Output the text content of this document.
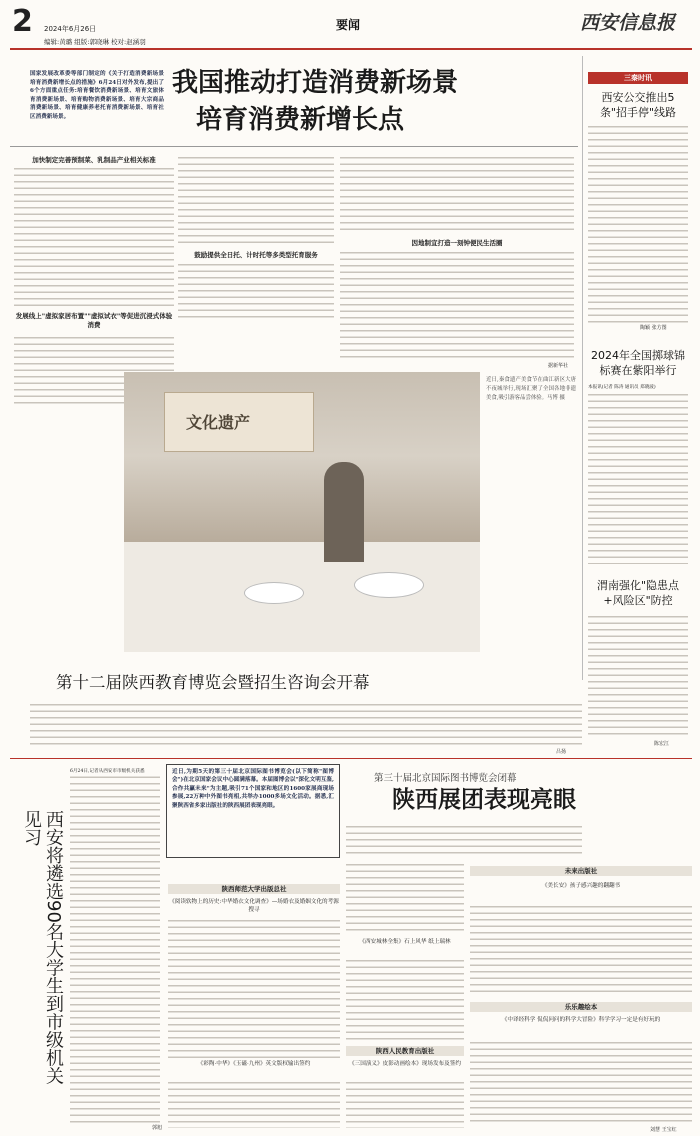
2 2024年6月26日	要闻	西安信息报
编辑:黄璐 组版:郭晓琳 校对:赵涵羽
国家发展改革委等部门制定的《关于打造消费新场景培育消费新增长点的措施》6月24日对外发布,提出了6个方面重点任务:培育餐饮消费新场景、培育文旅体育消费新场景、培育购物消费新场景、培育大宗商品消费新场景、培育健康养老托育消费新场景、培育社区消费新场景。
我国推动打造消费新场景
培育消费新增长点
加快制定完善预制菜、乳制品产业相关标准
发展线上"虚拟家居布置""虚拟试衣"等促进沉浸式体验消费
鼓励提供全日托、计时托等多类型托育服务
因地制宜打造一刻钟便民生活圈
据新华社
文化遗产
近日,秦食遗产美食节在曲江新区大唐不夜城举行,现场汇聚了全国各地非遗美食,吸引游客品尝体验。马博 摄
三秦时讯
西安公交推出5条"招手停"线路
陶颖 张方图
2024年全国掷球锦标赛在紫阳举行
本报讯(记者 陈涛 通讯员 郑晓波)
渭南强化"隐患点+风险区"防控
陈宏江
第十二届陕西教育博览会暨招生咨询会开幕
吕扬
西安将遴选90名大学生到市级机关见习
6月24日,记者从西安市市级机关获悉
郭旭
近日,为期5天的第三十届北京国际图书博览会(以下简称"图博会")在北京国家会议中心圆满落幕。本届图博会以"深化文明互鉴,合作共赢未来"为主题,吸引71个国家和地区的1600家展商现场参展,22万种中外图书亮相,共举办1000多场文化活动。据悉,汇聚陕西省多家出版社的陕西展团表现亮眼。
第三十届北京国际图书博览会闭幕
陕西展团表现亮眼
陕西师范大学出版总社
《阅读软物上的历史:中华婚衣文化调查》—场婚衣及婚姻文化的考源搜寻
《彩陶·中华》《玉磁·九州》英文版权输出签约
《西安城林全集》石上风华 纸上瑞林
陕西人民教育出版社
《三国演义》皮影动画绘本》现场发布及签约
未来出版社
《美长安》孩子感兴趣的翻翻书
乐乐趣绘本
《中译经科学 侃侃问问的科学大冒险》科学学习一定是有好玩的
刘慧 王宝红
